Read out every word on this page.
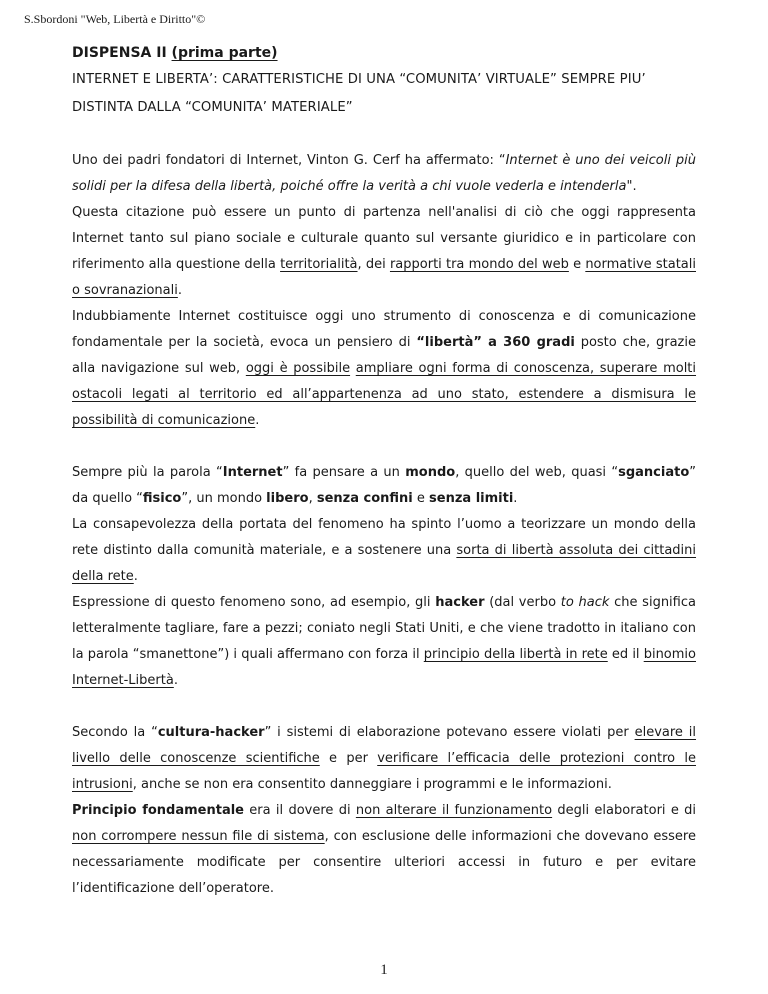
S.Sbordoni "Web, Libertà e Diritto"©

DISPENSA II (prima parte)

INTERNET E LIBERTA’: CARATTERISTICHE DI UNA “COMUNITA’ VIRTUALE” SEMPRE PIU’ DISTINTA DALLA “COMUNITA’ MATERIALE”

Uno dei padri fondatori di Internet, Vinton G. Cerf ha affermato: “Internet è uno dei veicoli più solidi per la difesa della libertà, poiché offre la verità a chi vuole vederla e intenderla".

Questa citazione può essere un punto di partenza nell'analisi di ciò che oggi rappresenta Internet tanto sul piano sociale e culturale quanto sul versante giuridico e in particolare con riferimento alla questione della territorialità, dei rapporti tra mondo del web e normative statali o sovranazionali.

Indubbiamente Internet costituisce oggi uno strumento di conoscenza e di comunicazione fondamentale per la società, evoca un pensiero di “libertà” a 360 gradi posto che, grazie alla navigazione sul web, oggi è possibile ampliare ogni forma di conoscenza, superare molti ostacoli legati al territorio ed all’appartenenza ad uno stato, estendere a dismisura le possibilità di comunicazione.

Sempre più la parola “Internet” fa pensare a un mondo, quello del web, quasi “sganciato” da quello “fisico”, un mondo libero, senza confini e senza limiti.

La consapevolezza della portata del fenomeno ha spinto l’uomo a teorizzare un mondo della rete distinto dalla comunità materiale, e a sostenere una sorta di libertà assoluta dei cittadini della rete.

Espressione di questo fenomeno sono, ad esempio, gli hacker (dal verbo to hack che significa letteralmente tagliare, fare a pezzi; coniato negli Stati Uniti, e che viene tradotto in italiano con la parola “smanettone”) i quali affermano con forza il principio della libertà in rete ed il binomio Internet-Libertà.

Secondo la “cultura-hacker” i sistemi di elaborazione potevano essere violati per elevare il livello delle conoscenze scientifiche e per verificare l’efficacia delle protezioni contro le intrusioni, anche se non era consentito danneggiare i programmi e le informazioni.

Principio fondamentale era il dovere di non alterare il funzionamento degli elaboratori e di non corrompere nessun file di sistema, con esclusione delle informazioni che dovevano essere necessariamente modificate per consentire ulteriori accessi in futuro e per evitare l’identificazione dell’operatore.

1
